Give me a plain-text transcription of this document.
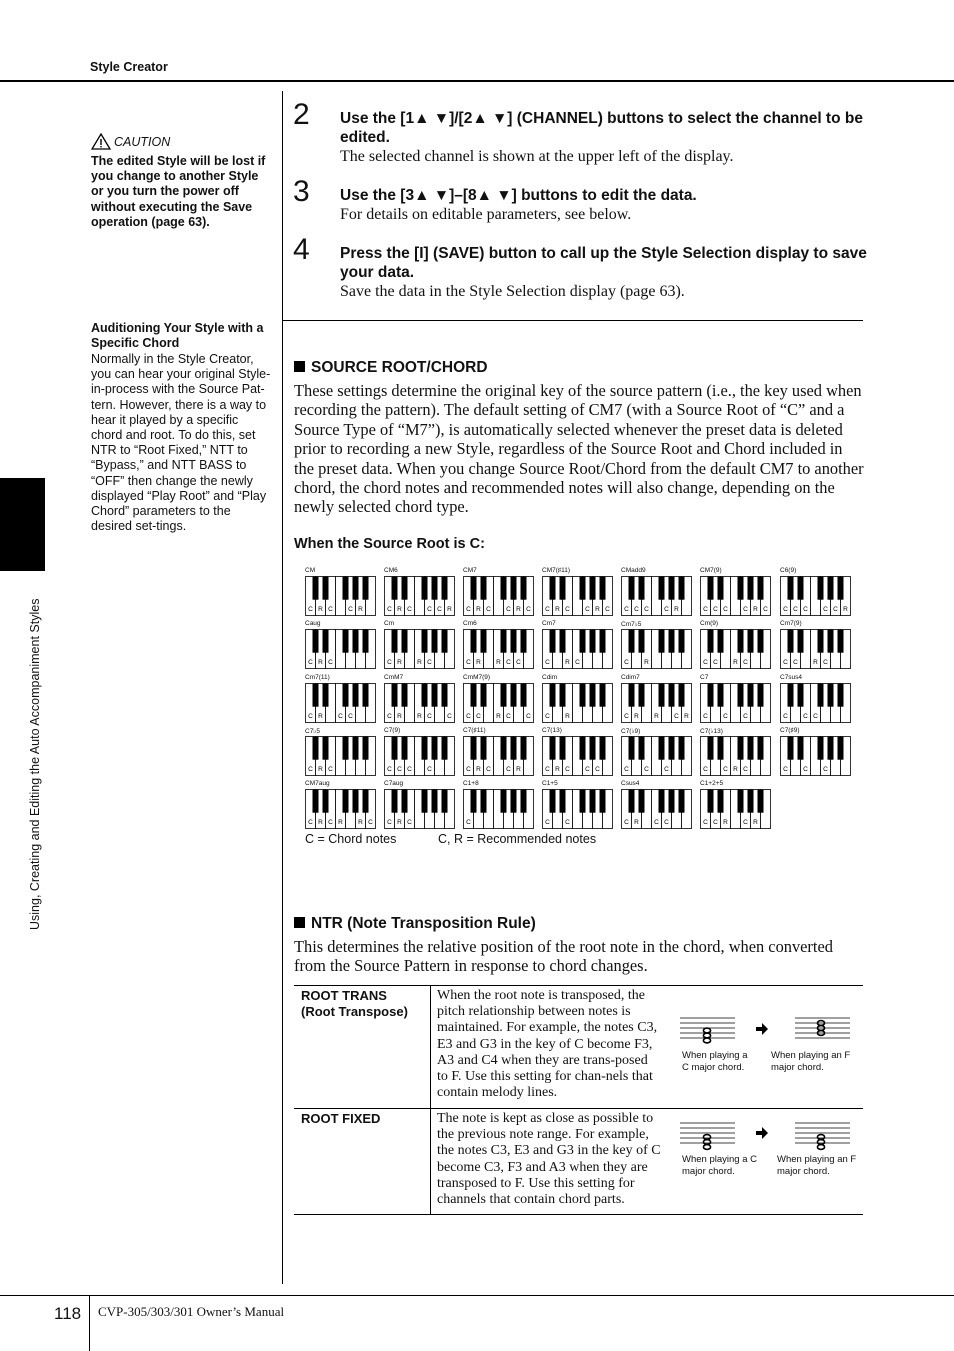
Style Creator
Using, Creating and Editing the Auto Accompaniment Styles
CAUTION
The edited Style will be lost if you change to another Style or you turn the power off without executing the Save operation (page 63).
Auditioning Your Style with a Specific Chord
Normally in the Style Creator, you can hear your original Style-in-process with the Source Pat-tern. However, there is a way to hear it played by a specific chord and root. To do this, set NTR to “Root Fixed,” NTT to “Bypass,” and NTT BASS to “OFF” then change the newly displayed “Play Root” and “Play Chord” parameters to the desired set-tings.
2 Use the [1▲ ▼]/[2▲ ▼] (CHANNEL) buttons to select the channel to be edited.
The selected channel is shown at the upper left of the display.
3 Use the [3▲ ▼]–[8▲ ▼] buttons to edit the data.
For details on editable parameters, see below.
4 Press the [I] (SAVE) button to call up the Style Selection display to save your data.
Save the data in the Style Selection display (page 63).
SOURCE ROOT/CHORD
These settings determine the original key of the source pattern (i.e., the key used when recording the pattern). The default setting of CM7 (with a Source Root of “C” and a Source Type of “M7”), is automatically selected whenever the preset data is deleted prior to recording a new Style, regardless of the Source Root and Chord included in the preset data. When you change Source Root/Chord from the default CM7 to another chord, the chord notes and recommended notes will also change, depending on the newly selected chord type.
When the Source Root is C:
CM
C R C C R
CM6
C R C C C R
CM7
C R C C R C
CM7(♯11)
C R C C R C
CMadd9
C C C C R
CM7(9)
C C C C R C
C6(9)
C C C C C R
Caug
C R C
Cm
C R R C
Cm6
C R R C C
Cm7
C R C
Cm7♭5
C R
Cm(9)
C C R C
Cm7(9)
C C R C
Cm7(11)
C R C C
CmM7
C R R C C
CmM7(9)
C C R C C
Cdim
C R
Cdim7
C R R C R
C7
C C C
C7sus4
C C C
C7♭5
C R C
C7(9)
C C C C
C7(♯11)
C R C C R
C7(13)
C R C C C
C7(♭9)
C C C
C7(♭13)
C C R C
C7(♯9)
C C C
CM7aug
C R C R R C
C7aug
C R C
C1+8
C
C1+5
C C
Csus4
C R C C
C1+2+5
C C R C R
C = Chord notes	C, R = Recommended notes
NTR (Note Transposition Rule)
This determines the relative position of the root note in the chord, when converted from the Source Pattern in response to chord changes.
ROOT TRANS (Root Transpose)
When the root note is transposed, the pitch relationship between notes is maintained. For example, the notes C3, E3 and G3 in the key of C become F3, A3 and C4 when they are trans-posed to F. Use this setting for chan-nels that contain melody lines.
ROOT FIXED	The note is kept as close as possible to the previous note range. For example, the notes C3, E3 and G3 in the key of C become C3, F3 and A3 when they are transposed to F. Use this setting for channels that contain chord parts.
When playing a C major chord.
When playing an F major chord.
When playing a C major chord.
When playing an F major chord.
118 CVP-305/303/301 Owner’s Manual
